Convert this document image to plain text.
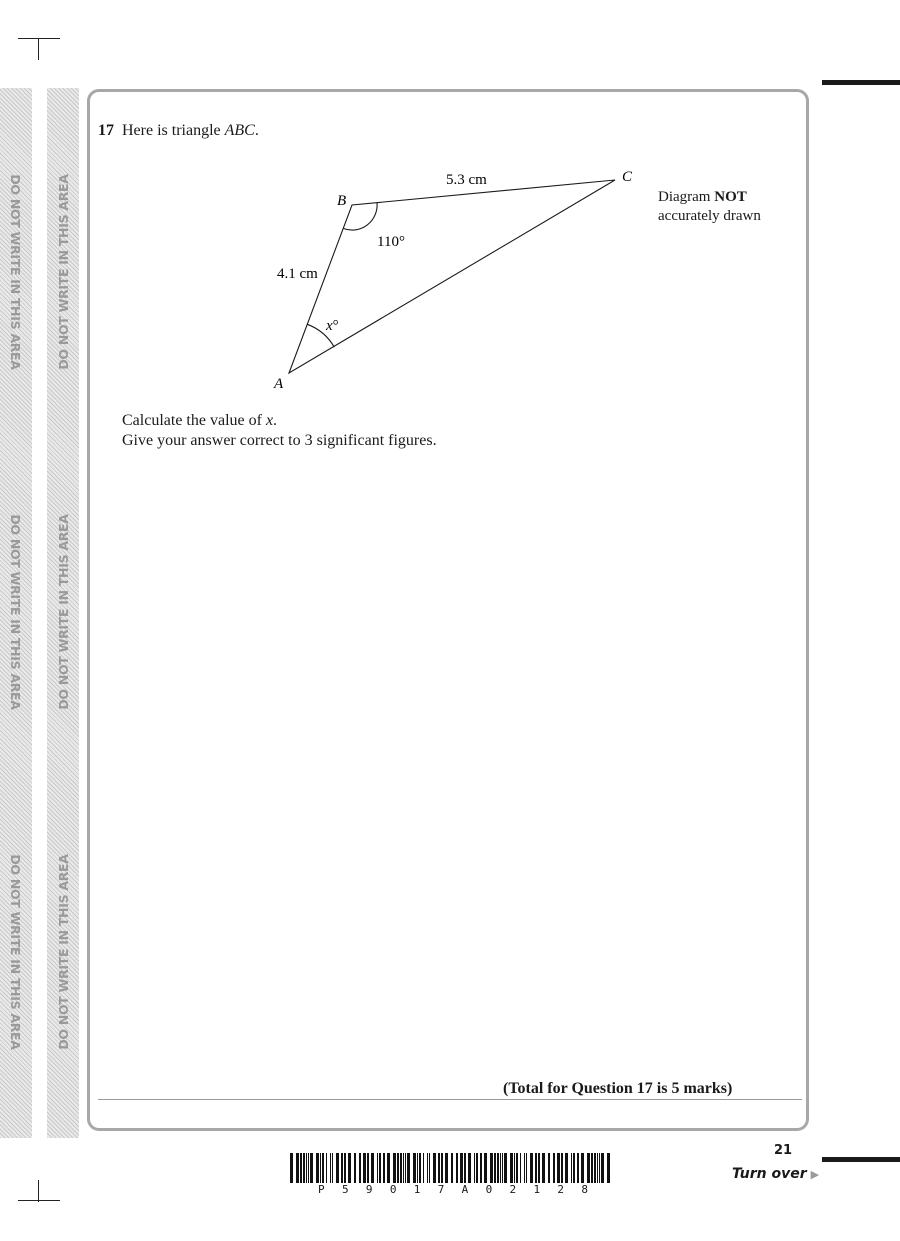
DO NOT WRITE IN THIS AREA
DO NOT WRITE IN THIS AREA
DO NOT WRITE IN THIS AREA
DO NOT WRITE IN THIS AREA
DO NOT WRITE IN THIS AREA
DO NOT WRITE IN THIS AREA
17 Here is triangle ABC.
A
B
C
5.3 cm
4.1 cm
110°
x°
Diagram NOT
accurately drawn
Calculate the value of x.
Give your answer correct to 3 significant figures.
(Total for Question 17 is 5 marks)
21
Turn over ▶
P 5 9 0 1 7 A 0 2 1 2 8
